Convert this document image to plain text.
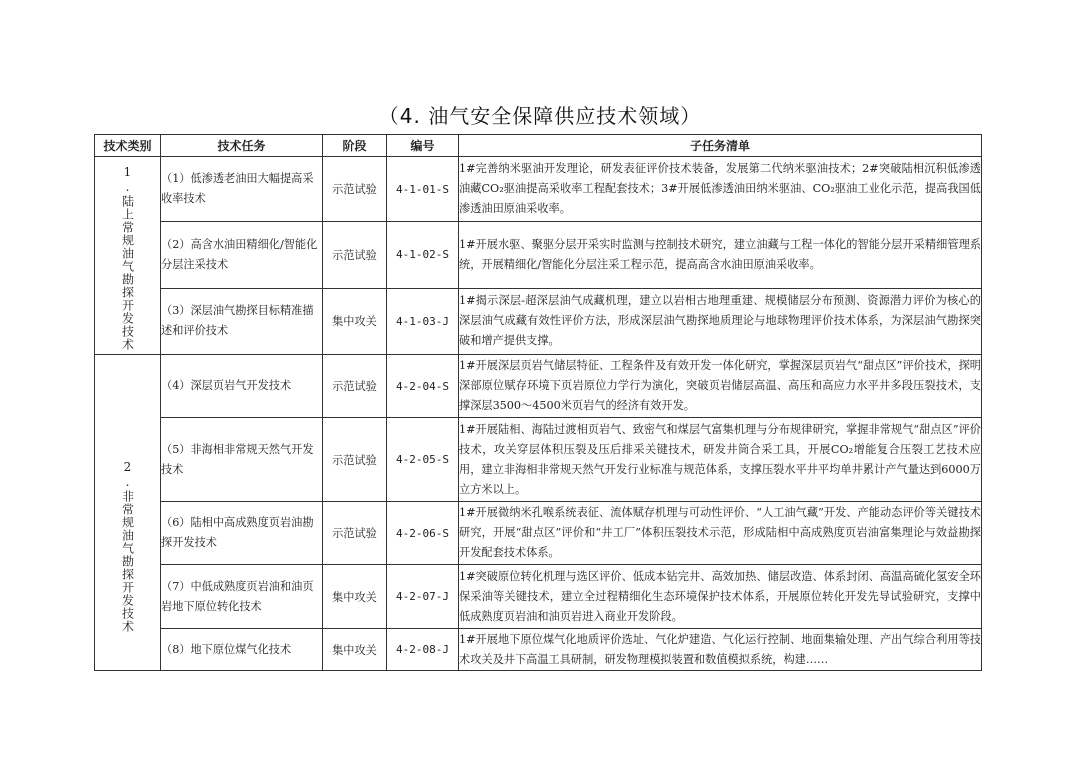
（4. 油气安全保障供应技术领域）
技术类别	技术任务	阶段	编号	子任务清单
1.陆上常规油气勘探开发技术	（1）低渗透老油田大幅提高采收率技术	示范试验	4-1-01-S	1#完善纳米驱油开发理论，研发表征评价技术装备，发展第二代纳米驱油技术；2#突破陆相沉积低渗透油藏CO₂驱油提高采收率工程配套技术；3#开展低渗透油田纳米驱油、CO₂驱油工业化示范，提高我国低渗透油田原油采收率。
	（2）高含水油田精细化/智能化分层注采技术	示范试验	4-1-02-S	1#开展水驱、聚驱分层开采实时监测与控制技术研究，建立油藏与工程一体化的智能分层开采精细管理系统，开展精细化/智能化分层注采工程示范，提高高含水油田原油采收率。
	（3）深层油气勘探目标精准描述和评价技术	集中攻关	4-1-03-J	1#揭示深层-超深层油气成藏机理，建立以岩相古地理重建、规模储层分布预测、资源潜力评价为核心的深层油气成藏有效性评价方法，形成深层油气勘探地质理论与地球物理评价技术体系，为深层油气勘探突破和增产提供支撑。
2.非常规油气勘探开发技术	（4）深层页岩气开发技术	示范试验	4-2-04-S	1#开展深层页岩气储层特征、工程条件及有效开发一体化研究，掌握深层页岩气“甜点区”评价技术，探明深部原位赋存环境下页岩原位力学行为演化，突破页岩储层高温、高压和高应力水平井多段压裂技术，支撑深层3500～4500米页岩气的经济有效开发。
	（5）非海相非常规天然气开发技术	示范试验	4-2-05-S	1#开展陆相、海陆过渡相页岩气、致密气和煤层气富集机理与分布规律研究，掌握非常规气“甜点区”评价技术，攻关穿层体积压裂及压后排采关键技术，研发井筒合采工具，开展CO₂增能复合压裂工艺技术应用，建立非海相非常规天然气开发行业标准与规范体系，支撑压裂水平井平均单井累计产气量达到6000万立方米以上。
	（6）陆相中高成熟度页岩油勘探开发技术	示范试验	4-2-06-S	1#开展微纳米孔喉系统表征、流体赋存机理与可动性评价、“人工油气藏”开发、产能动态评价等关键技术研究，开展“甜点区”评价和“井工厂”体积压裂技术示范，形成陆相中高成熟度页岩油富集理论与效益勘探开发配套技术体系。
	（7）中低成熟度页岩油和油页岩地下原位转化技术	集中攻关	4-2-07-J	1#突破原位转化机理与选区评价、低成本钻完井、高效加热、储层改造、体系封闭、高温高硫化氢安全环保采油等关键技术，建立全过程精细化生态环境保护技术体系，开展原位转化开发先导试验研究，支撑中低成熟度页岩油和油页岩进入商业开发阶段。
	（8）地下原位煤气化技术	集中攻关	4-2-08-J	1#开展地下原位煤气化地质评价选址、气化炉建造、气化运行控制、地面集输处理、产出气综合利用等技术攻关及井下高温工具研制，研发物理模拟装置和数值模拟系统，构建……
